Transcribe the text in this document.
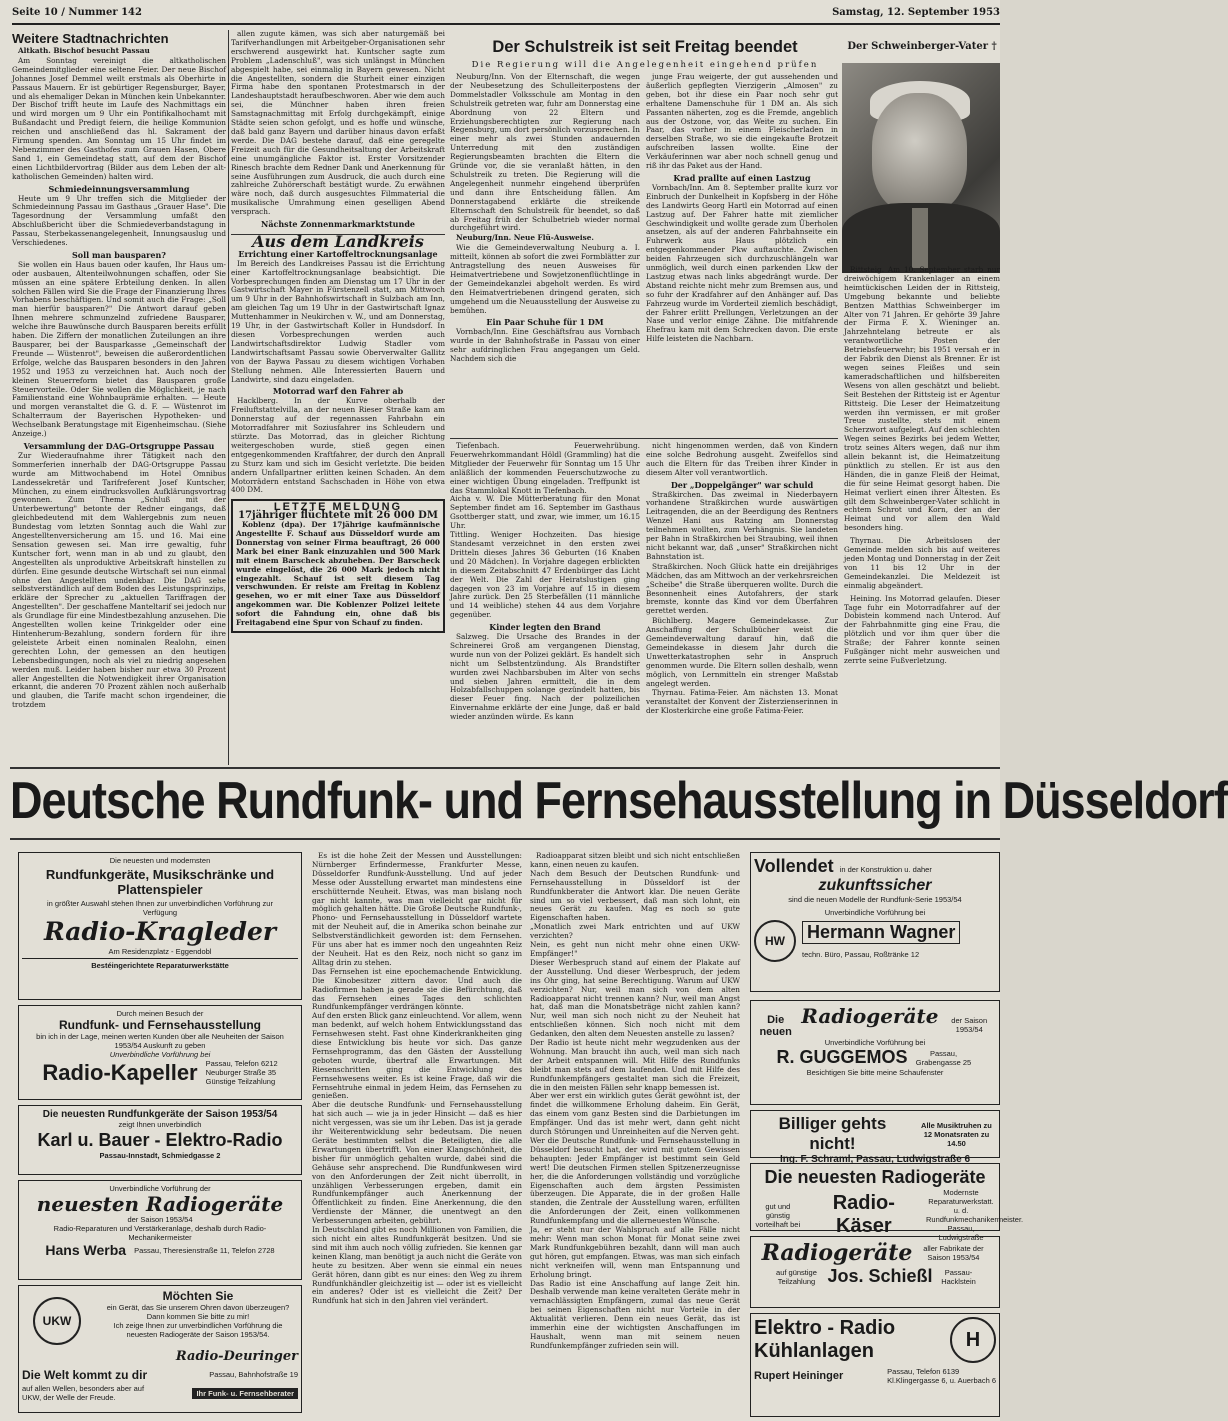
Seite 10 / Nummer 142	Samstag, 12. September 1953
Weitere Stadtnachrichten

Altkath. Bischof besucht Passau

Am Sonntag vereinigt die altkatholischen Gemeindemitglieder eine seltene Feier. Der neue Bischof Johannes Josef Demmel weilt erstmals als Oberhirte in Passaus Mauern. Er ist gebürtiger Regensburger, Bayer, und als ehemaliger Dekan in München kein Unbekannter. Der Bischof trifft heute im Laufe des Nachmittags ein und wird morgen um 9 Uhr ein Pontifikalhochamt mit Bußandacht und Predigt feiern, die heilige Kommunion reichen und anschließend das hl. Sakrament der Firmung spenden. Am Sonntag um 15 Uhr findet im Nebenzimmer des Gasthofes zum Grauen Hasen, Obere Sand 1, ein Gemeindetag statt, auf dem der Bischof einen Lichtbildervortrag (Bilder aus dem Leben der alt-katholischen Gemeinden) halten wird.

Schmiedeinnungsversammlung

Heute um 9 Uhr treffen sich die Mitglieder der Schmiedeinnung Passau im Gasthaus „Grauer Hase". Die Tagesordnung der Versammlung umfaßt den Abschlußbericht über die Schmiedeverbandstagung in Passau, Sterbekassenangelegenheit, Innungsauslug und Verschiedenes.

Soll man bausparen?

Sie wollen ein Haus bauen oder kaufen, Ihr Haus um- oder ausbauen, Altenteilwohnungen schaffen, oder Sie müssen an eine spätere Erbteilung denken. In allen solchen Fällen wird Sie die Frage der Finanzierung Ihres Vorhabens beschäftigen. Und somit auch die Frage: „Soll man hierfür bausparen?" Die Antwort darauf geben Ihnen mehrere schmunzelnd zufriedene Bausparer, welche ihre Bauwünsche durch Bausparen bereits erfüllt haben. Die Ziffern der monatlichen Zuteilungen an ihre Bausparer, bei der Bausparkasse „Gemeinschaft der Freunde — Wüstenrot", beweisen die außerordentlichen Erfolge, welche das Bausparen besonders in den Jahren 1952 und 1953 zu verzeichnen hat. Auch noch der kleinen Steuerreform bietet das Bausparen große Steuervorteile. Oder Sie wollen die Möglichkeit, je nach Familienstand eine Wohnbauprämie erhalten. — Heute und morgen veranstaltet die G. d. F. — Wüstenrot im Schalterraum der Bayerischen Hypotheken- und Wechselbank Beratungstage mit Eigenheimschau. (Siehe Anzeige.)

Versammlung der DAG-Ortsgruppe Passau

Zur Wiederaufnahme ihrer Tätigkeit nach den Sommerferien innerhalb der DAG-Ortsgruppe Passau wurde am Mittwochabend im Hotel Omnibus Landessekretär und Tarifreferent Josef Kuntscher, München, zu einem eindrucksvollen Aufklärungsvortrag gewonnen. Zum Thema „Schluß mit der Unterbewertung" betonte der Redner eingangs, daß gleichbedeutend mit dem Wahlergebnis zum neuen Bundestag vom letzten Sonntag auch die Wahl zur Angestelltenversicherung am 15. und 16. Mai eine Sensation gewesen sei. Man irre gewaltig, fuhr Kuntscher fort, wenn man in ab und zu glaubt, den Angestellten als unproduktive Arbeitskraft hinstellen zu dürfen. Eine gesunde deutsche Wirtschaft sei nun einmal ohne den Angestellten undenkbar. Die DAG sehe selbstverständlich auf dem Boden des Leistungsprinzips, erkläre der Sprecher zu „aktuellen Tariffragen der Angestellten". Der geschaffene Manteltarif sei jedoch nur als Grundlage für eine Mindestbezahlung anzusehen. Die Angestellten wollen keine Trinkgelder oder eine Hintenherum-Bezahlung, sondern fordern für ihre geleistete Arbeit einen nominalen Realohn, einen gerechten Lohn, der gemessen an den heutigen Lebensbedingungen, noch als viel zu niedrig angesehen werden muß. Leider haben bisher nur etwa 30 Prozent aller Angestellten die Notwendigkeit ihrer Organisation erkannt, die anderen 70 Prozent zählen noch außerhalb und glauben, die Tarife macht schon irgendeiner, die trotzdem

allen zugute kämen, was sich aber naturgemäß bei Tarifverhandlungen mit Arbeitgeber-Organisationen sehr erschwerend ausgewirkt hat. Kuntscher sagte zum Problem „Ladenschluß", was sich unlängst in München abgespielt habe, sei einmalig in Bayern gewesen. Nicht die Angestellten, sondern die Sturheit einer einzigen Firma habe den spontanen Protestmarsch in der Landeshauptstadt heraufbeschworen. Aber wie dem auch sei, die Münchner haben ihren freien Samstagnachmittag mit Erfolg durchgekämpft, einige Städte seien schon gefolgt, und es hoffe und wünsche, daß bald ganz Bayern und darüber hinaus davon erfaßt werde. Die DAG bestehe darauf, daß eine geregelte Freizeit auch für die Gesundheitsaltung der Arbeitskraft eine unumgängliche Faktor ist. Erster Vorsitzender Rinesch brachte dem Redner Dank und Anerkennung für seine Ausführungen zum Ausdruck, die auch durch eine zahlreiche Zuhörerschaft bestätigt wurde. Zu erwähnen wäre noch, daß durch ausgesuchtes Filmmaterial die musikalische Umrahmung einen geselligen Abend versprach.

Nächste Zonnenmarkmarktstunde
Aus dem Landkreis
Errichtung einer Kartoffeltrocknungsanlage

Im Bereich des Landkreises Passau ist die Errichtung einer Kartoffeltrocknungsanlage beabsichtigt. Die Vorbesprechungen finden am Dienstag um 17 Uhr in der Gastwirtschaft Mayer in Fürstenzell statt, am Mittwoch um 9 Uhr in der Bahnhofswirtschaft in Sulzbach am Inn, am gleichen Tag um 19 Uhr in der Gastwirtschaft Ignaz Muttenhammer in Neukirchen v. W., und am Donnerstag, 19 Uhr, in der Gastwirtschaft Koller in Hundsdorf. In diesen Vorbesprechungen werden auch Landwirtschaftsdirektor Ludwig Stadler vom Landwirtschaftsamt Passau sowie Oberverwalter Gallitz von der Baywa Passau zu diesem wichtigen Vorhaben Stellung nehmen. Alle Interessierten Bauern und Landwirte, sind dazu eingeladen.

Motorrad warf den Fahrer ab

Hacklberg. In der Kurve oberhalb der Freiluftstattelvilla, an der neuen Rieser Straße kam am Donnerstag auf der regennassen Fahrbahn ein Motorradfahrer mit Soziusfahrer ins Schleudern und stürzte. Das Motorrad, das in gleicher Richtung weitergeschoben wurde, stieß gegen einen entgegenkommenden Kraftfahrer, der durch den Anprall zu Sturz kam und sich im Gesicht verletzte. Die beiden andern Unfallpartner erlitten keinen Schaden. An dem Motorrädern entstand Sachschaden in Höhe von etwa 400 DM.

LETZTE MELDUNG
17jähriger flüchtete mit 26 000 DM

Koblenz (dpa). Der 17jährige kaufmännische Angestellte F. Schauf aus Düsseldorf wurde am Donnerstag von seiner Firma beauftragt, 26 000 Mark bei einer Bank einzuzahlen und 500 Mark mit einem Barscheck abzuheben. Der Barscheck wurde eingelöst, die 26 000 Mark jedoch nicht eingezahlt. Schauf ist seit diesem Tag verschwunden. Er reiste am Freitag in Koblenz gesehen, wo er mit einer Taxe aus Düsseldorf angekommen war. Die Koblenzer Polizei leitete sofort die Fahndung ein, ohne daß bis Freitagabend eine Spur von Schauf zu finden.

Der Schulstreik ist seit Freitag beendet
Die Regierung will die Angelegenheit eingehend prüfen

Neuburg/Inn. Von der Elternschaft, die wegen der Neubesetzung des Schulleiterpostens der Dommelstadler Volksschule am Montag in den Schulstreik getreten war, fuhr am Donnerstag eine Abordnung von 22 Eltern und Erziehungsberechtigten zur Regierung nach Regensburg, um dort persönlich vorzusprechen. In einer mehr als zwei Stunden andauernden Unterredung mit den zuständigen Regierungsbeamten brachten die Eltern die Gründe vor, die sie veranlaßt hätten, in den Schulstreik zu treten. Die Regierung will die Angelegenheit nunmehr eingehend überprüfen und dann ihre Entscheidung fällen. Am Donnerstagabend erklärte die streikende Elternschaft den Schulstreik für beendet, so daß ab Freitag früh der Schulbetrieb wieder normal durchgeführt wird.

Neuburg/Inn. Neue Flü-Ausweise.

Wie die Gemeindeverwaltung Neuburg a. I. mitteilt, können ab sofort die zwei Formblätter zur Antragstellung des neuen Ausweises für Heimatvertriebene und Sowjetzonenflüchtlinge in der Gemeindekanzlei abgeholt werden. Es wird den Heimatvertriebenen dringend geraten, sich umgehend um die Neuausstellung der Ausweise zu bemühen.

Ein Paar Schuhe für 1 DM

Vornbach/Inn. Eine Geschäftsfrau aus Vornbach wurde in der Bahnhofstraße in Passau von einer sehr aufdringlichen Frau angegangen um Geld. Nachdem sich die

junge Frau weigerte, der gut aussehenden und äußerlich gepflegten Vierzigerin „Almosen" zu geben, bot ihr diese ein Paar noch sehr gut erhaltene Damenschuhe für 1 DM an. Als sich Passanten näherten, zog es die Fremde, angeblich aus der Ostzone, vor, das Weite zu suchen. Ein Paar, das vorher in einem Fleischerladen in derselben Straße, wo sie die eingekaufte Brotzeit aufschreiben lassen wollte. Eine der Verkäuferinnen war aber noch schnell genug und riß ihr das Paket aus der Hand.

Krad prallte auf einen Lastzug

Vornbach/Inn. Am 8. September prallte kurz vor Einbruch der Dunkelheit in Kopfsberg in der Höhe des Landwirts Georg Hartl ein Motorrad auf einen Lastzug auf. Der Fahrer hatte mit ziemlicher Geschwindigkeit und wollte gerade zum Überholen ansetzen, als auf der anderen Fahrbahnseite ein Fuhrwerk aus Haus plötzlich ein entgegenkommender Pkw auftauchte. Zwischen beiden Fahrzeugen sich durchzuschlängeln war unmöglich, weil durch einen parkenden Lkw der Lastzug etwas nach links abgedrängt wurde. Der Abstand reichte nicht mehr zum Bremsen aus, und so fuhr der Kradfahrer auf den Anhänger auf. Das Fahrzeug wurde im Vorderteil ziemlich beschädigt, der Fahrer erlitt Prellungen, Verletzungen an der Nase und verlor einige Zähne. Die mitfahrende Ehefrau kam mit dem Schrecken davon. Die erste Hilfe leisteten die Nachbarn.

Tiefenbach. Feuerwehrübung. Feuerwehrkommandant Höldl (Grammling) hat die Mitglieder der Feuerwehr für Sonntag um 15 Uhr anläßlich der kommenden Feuerschutzwoche zu einer wichtigen Übung eingeladen. Treffpunkt ist das Stammlokal Knott in Tiefenbach.
Aicha v. W. Die Mütterberatung für den Monat September findet am 16. September im Gasthaus Gsottberger statt, und zwar, wie immer, um 16.15 Uhr.
Tittling. Weniger Hochzeiten. Das hiesige Standesamt verzeichnet in den ersten zwei Dritteln dieses Jahres 36 Geburten (16 Knaben und 20 Mädchen). In Vorjahre dagegen erblickten in diesem Zeitabschnitt 47 Erdenbürger das Licht der Welt. Die Zahl der Heiratslustigen ging dagegen von 23 im Vorjahre auf 15 in diesem Jahre zurück. Den 25 Sterbefällen (11 männliche und 14 weibliche) stehen 44 aus dem Vorjahre gegenüber.

Kinder legten den Brand

Salzweg. Die Ursache des Brandes in der Schreinerei Groß am vergangenen Dienstag, wurde nun von der Polizei geklärt. Es handelt sich nicht um Selbstentzündung. Als Brandstifter wurden zwei Nachbarsbuben im Alter von sechs und sieben Jahren ermittelt, die in dem Holzabfallschuppen solange gezündelt hatten, bis dieser Feuer fing. Nach der polizeilichen Einvernahme erklärte der eine Junge, daß er bald wieder anzünden würde. Es kann

nicht hingenommen werden, daß von Kindern eine solche Bedrohung ausgeht. Zweifellos sind auch die Eltern für das Treiben ihrer Kinder in diesem Alter voll verantwortlich.

Der „Doppelgänger" war schuld

Straßkirchen. Das zweimal in Niederbayern vorhandene Straßkirchen wurde auswärtigen Leitragenden, die an der Beerdigung des Rentners Wenzel Hani aus Ratzing am Donnerstag teilnehmen wollten, zum Verhängnis. Sie landeten per Bahn in Straßkirchen bei Straubing, weil ihnen nicht bekannt war, daß „unser" Straßkirchen nicht Bahnstation ist.

Straßkirchen. Noch Glück hatte ein dreijähriges Mädchen, das am Mittwoch an der verkehrsreichen „Scheibe" die Straße überqueren wollte. Durch die Besonnenheit eines Autofahrers, der stark bremste, konnte das Kind vor dem Überfahren gerettet werden.

Büchlberg. Magere Gemeindekasse. Zur Anschaffung der Schulbücher weist die Gemeindeverwaltung darauf hin, daß die Gemeindekasse in diesem Jahr durch die Unwetterkatastrophen sehr in Anspruch genommen wurde. Die Eltern sollen deshalb, wenn möglich, von Lernmitteln ein strenger Maßstab angelegt werden.

Thyrnau. Fatima-Feier. Am nächsten 13. Monat veranstaltet der Konvent der Zisterzienserinnen in der Klosterkirche eine große Fatima-Feier.

Der Schweinberger-Vater †

Rittsteig. Am 10. September starb nur dreiwöchigem Krankenlager an einem heimtückischen Leiden der in Rittsteig, Umgebung bekannte und beliebte Bentzen Matthias Schweinberger im Alter von 71 Jahren. Er gehörte 39 Jahre der Firma F. X. Wieninger an. Jahrzehntelang betreute er als verantwortliche Posten der Betriebsfeuerwehr; bis 1951 versah er in der Fabrik den Dienst als Brenner. Er ist wegen seines Fleißes und sein kameradschaftlichen und hilfsbereiten Wesens von allen geschätzt und beliebt. Seit Bestehen der Rittsteig ist er Agentur Rittsteig. Die Leser der Heimatzeitung werden ihn vermissen, er mit großer Treue zustellte, stets mit einem Scherzwort aufgelegt. Auf den schlechten Wegen seines Bezirks bei jedem Wetter, trotz seines Alters wegen, daß nur ihm allein bekannt ist, die Heimatzeitung pünktlich zu stellen. Er ist aus den Händen, die in ganze Fleiß der Heimat, die für seine Heimat gesorgt haben. Die Heimat verliert einen ihrer Ältesten. Es gilt dem Schweinberger-Vater schlicht in echtem Schrot und Korn, der an der Heimat und vor allem den Wald besonders hing.

Thyrnau. Die Arbeitslosen der Gemeinde melden sich bis auf weiteres jeden Montag und Donnerstag in der Zeit von 11 bis 12 Uhr in der Gemeindekanzlei. Die Meldezeit ist einmalig abgeändert.

Heining. Ins Motorrad gelaufen. Dieser Tage fuhr ein Motorradfahrer auf der Dobistein kommend nach Unterod. Auf der Fahrbahnmitte ging eine Frau, die plötzlich und vor ihm quer über die Straße; der Fahrer konnte seinen Fußgänger nicht mehr ausweichen und zerrte seine Fußverletzung.

Deutsche Rundfunk- und Fernsehausstellung in Düsseldorf
Die neuesten und modernsten
Rundfunkgeräte, Musikschränke und Plattenspieler
in größter Auswahl stehen Ihnen zur unverbindlichen Vorführung zur Verfügung
Radio-Kragleder
Am Residenzplatz - Eggendobl
Bestéingerichtete Reparaturwerkstätte
Durch meinen Besuch der
Rundfunk- und Fernsehausstellung
bin ich in der Lage, meinen werten Kunden über alle Neuheiten der Saison 1953/54 Auskunft zu geben
Unverbindliche Vorführung bei
Radio-Kapeller Passau, Telefon 6212
Neuburger Straße 35
Günstige Teilzahlung
Die neuesten Rundfunkgeräte der Saison 1953/54
zeigt Ihnen unverbindlich
Karl u. Bauer - Elektro-Radio
Passau-Innstadt, Schmiedgasse 2
Unverbindliche Vorführung der
neuesten Radiogeräte
der Saison 1953/54
Radio-Reparaturen und Verstärkeranlage, deshalb durch Radio-Mechanikermeister
Hans Werba Passau, Theresienstraße 11, Telefon 2728
UKW
Möchten Sie
ein Gerät, das Sie unserem Ohren davon überzeugen? Dann kommen Sie bitte zu mir!
Ich zeige Ihnen zur unverbindlichen Vorführung die neuesten Radiogeräte der Saison 1953/54.
Die Welt kommt zu dir
Radio-Deuringer
Passau, Bahnhofstraße 19
auf allen Wellen, besonders aber auf UKW, der Welle der Freude.	Ihr Funk- u. Fernsehberater

Es ist die hohe Zeit der Messen und Ausstellungen: Nürnberger Erfindermesse, Frankfurter Messe, Düsseldorfer Rundfunk-Ausstellung. Und auf jeder Messe oder Ausstellung erwartet man mindestens eine erschütternde Neuheit. Etwas, was man bislang noch gar nicht kannte, was man vielleicht gar nicht für möglich gehalten hätte. Die Große Deutsche Rundfunk-, Phono- und Fernsehausstellung in Düsseldorf wartete mit der Neuheit auf, die in Amerika schon beinahe zur Selbstverständlichkeit geworden ist: dem Fernsehen. Für uns aber hat es immer noch den ungeahnten Reiz der Neuheit. Hat es den Reiz, noch nicht so ganz im Alltag drin zu stehen.
Das Fernsehen ist eine epochemachende Entwicklung. Die Kinobesitzer zittern davor. Und auch die Radiofirmen haben ja gerade sie die Befürchtung, daß das Fernsehen eines Tages den schlichten Rundfunkempfänger verdrängen könnte.
Auf den ersten Blick ganz einleuchtend. Vor allem, wenn man bedenkt, auf welch hohem Entwicklungsstand das Fernsehwesen steht. Fast ohne Kinderkrankheiten ging diese Entwicklung bis heute vor sich. Das ganze Fernsehprogramm, das den Gästen der Ausstellung geboten wurde, übertraf alle Erwartungen. Mit Riesenschritten ging die Entwicklung des Fernsehwesens weiter. Es ist keine Frage, daß wir die Fernsehtruhe einmal in jedem Heim, das Fernsehen zu genießen.
Aber die deutsche Rundfunk- und Fernsehausstellung hat sich auch — wie ja in jeder Hinsicht — daß es hier nicht vergessen, was sie um ihr Leben. Das ist ja gerade ihr Weiterentwicklung sehr bedeutsam. Die neuen Geräte bestimmten selbst die Beteiligten, die alle Erwartungen übertrifft. Von einer Klangschönheit, die bisher für unmöglich gehalten wurde, dabei sind die Gehäuse sehr ansprechend. Die Rundfunkwesen wird von den Anforderungen der Zeit nicht überrollt, in unzähligen Verbesserungen ergeben, damit ein Rundfunkempfänger auch Anerkennung der Öffentlichkeit zu finden. Eine Anerkennung, die den Verdienste der Männer, die unentwegt an den Verbesserungen arbeiten, gebührt.
In Deutschland gibt es noch Millionen von Familien, die sich nicht ein altes Rundfunkgerät besitzen. Und sie sind mit ihm auch noch völlig zufrieden. Sie kennen gar keinen Klang, man benötigt ja auch nicht die Geräte von heute zu besitzen. Aber wenn sie einmal ein neues Gerät hören, dann gibt es nur eines: den Weg zu ihrem Rundfunkhändler gleichzeitig ist — oder ist es vielleicht ein anderes? Oder ist es vielleicht die Zeit? Der Rundfunk hat sich in den Jahren viel verändert.

Radioapparat sitzen bleibt und sich nicht entschließen kann, einen neuen zu kaufen.
Nach dem Besuch der Deutschen Rundfunk- und Fernsehausstellung in Düsseldorf ist der Rundfunkberater die Antwort klar. Die neuen Geräte sind um so viel verbessert, daß man sich lohnt, ein neues Gerät zu kaufen. Mag es noch so gute Eigenschaften haben.
„Monatlich zwei Mark entrichten und auf UKW verzichten?
Nein, es geht nun nicht mehr ohne einen UKW-Empfänger!"
Dieser Werbespruch stand auf einem der Plakate auf der Ausstellung. Und dieser Werbespruch, der jedem ins Ohr ging, hat seine Berechtigung. Warum auf UKW verzichten? Nur, weil man sich von dem alten Radioapparat nicht trennen kann? Nur, weil man Angst hat, daß man die Monatsbeträge nicht zahlen kann? Nur, weil man sich noch nicht zu der Neuheit hat entschließen können. Sich noch nicht mit dem Gedanken, den alten dem Neuesten anstelle zu lassen?
Der Radio ist heute nicht mehr wegzudenken aus der Wohnung. Man braucht ihn auch, weil man sich nach der Arbeit entspannen will. Mit Hilfe des Rundfunks bleibt man stets auf dem laufenden. Und mit Hilfe des Rundfunkempfängers gestaltet man sich die Freizeit, die in den meisten Fällen sehr knapp bemessen ist.
Aber wer erst ein wirklich gutes Gerät gewöhnt ist, der findet die willkommene Erholung daheim. Ein Gerät, das einem vom ganz Besten sind die Darbietungen im Empfänger. Und das ist mehr wert, dann geht nicht durch Störungen und Unreinheiten auf die Nerven geht.
Wer die Deutsche Rundfunk- und Fernsehausstellung in Düsseldorf besucht hat, der wird mit gutem Gewissen behaupten: Jeder Empfänger ist bestimmt sein Geld wert! Die deutschen Firmen stellen Spitzenerzeugnisse her, die die Anforderungen vollständig und vorzügliche Eigenschaften auch dem ärgsten Pessimisten überzeugen. Die Apparate, die in der großen Halle standen, die Zentrale der Ausstellung waren, erfüllten die Anforderungen der Zeit, einen vollkommenen Rundfunkempfang und die allerneuesten Wünsche.
Ja, er steht nur der Wahlspruch auf alle Fälle nicht mehr: Wenn man schon Monat für Monat seine zwei Mark Rundfunkgebühren bezahlt, dann will man auch gut hören, gut empfangen. Etwas, was man sich einfach nicht verkneifen will, wenn man Entspannung und Erholung bringt.
Das Radio ist eine Anschaffung auf lange Zeit hin. Deshalb verwende man keine veralteten Geräte mehr in vernachlässigten Empfängern, zumal das neue Gerät bei seinen Eigenschaften nicht nur Vorteile in der Aktualität verlieren. Denn ein neues Gerät, das ist immerhin eine der wichtigsten Anschaffungen im Haushalt, wenn man mit seinem neuen Rundfunkempfänger zufrieden sein will.

Vollendet in der Konstruktion u. daher
zukunftssicher
sind die neuen Modelle der Rundfunk-Serie 1953/54
Unverbindliche Vorführung bei
HW	Hermann Wagner
techn. Büro, Passau, Roßtränke 12
Die neuen
Radiogeräte	der Saison 1953/54
Unverbindliche Vorführung bei
R. GUGGEMOS	Passau, Grabengasse 25
Besichtigen Sie bitte meine Schaufenster
Billiger gehts nicht!
Alle Musiktruhen zu 12 Monatsraten zu 14.50
Ing. F. Schraml, Passau, Ludwigstraße 6
Die neuesten Radiogeräte
gut und günstig vorteilhaft bei
Radio-Käser
Modernste Reparaturwerkstatt. u. d. Rundfunkmechanikermeister. Passau, Ludwigstraße
Radiogeräte	aller Fabrikate der Saison 1953/54
auf günstige Teilzahlung Jos. Schießl	Passau-Hacklstein
Elektro - Radio
Kühlanlagen	H
Rupert Heininger	Passau, Telefon 6139
Kl.Klingergasse 6, u. Auerbach 6
